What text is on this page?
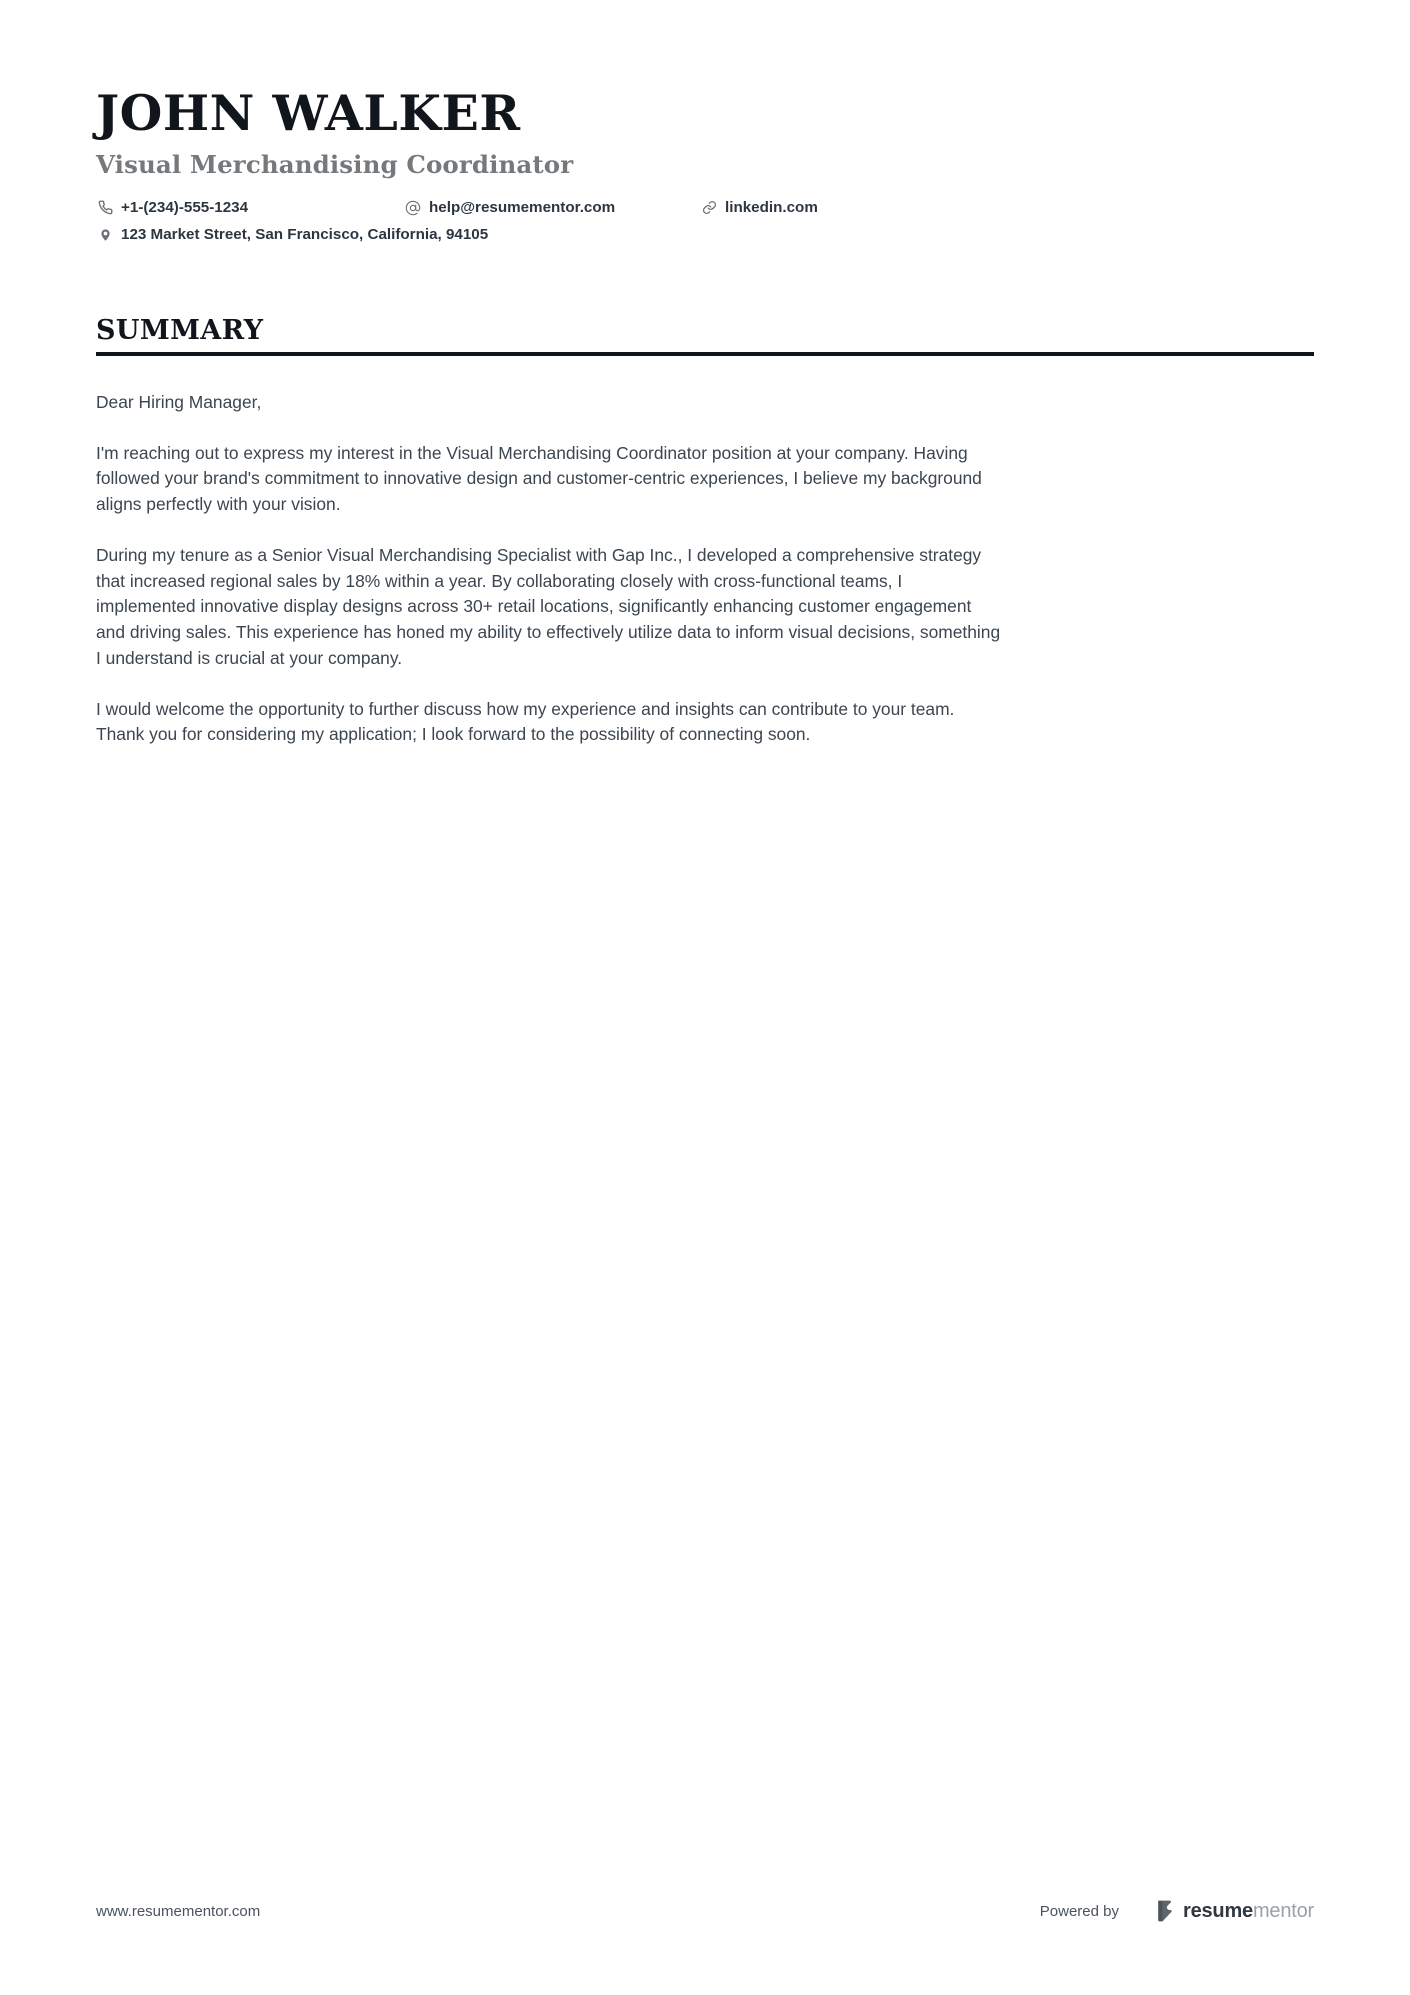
JOHN WALKER
Visual Merchandising Coordinator
+1-(234)-555-1234	help@resumementor.com	linkedin.com
123 Market Street, San Francisco, California, 94105
SUMMARY

Dear Hiring Manager,

I'm reaching out to express my interest in the Visual Merchandising Coordinator position at your company. Having followed your brand's commitment to innovative design and customer-centric experiences, I believe my background aligns perfectly with your vision.

During my tenure as a Senior Visual Merchandising Specialist with Gap Inc., I developed a comprehensive strategy that increased regional sales by 18% within a year. By collaborating closely with cross-functional teams, I implemented innovative display designs across 30+ retail locations, significantly enhancing customer engagement and driving sales. This experience has honed my ability to effectively utilize data to inform visual decisions, something I understand is crucial at your company.

I would welcome the opportunity to further discuss how my experience and insights can contribute to your team. Thank you for considering my application; I look forward to the possibility of connecting soon.

www.resumementor.com	Powered by	resumementor
